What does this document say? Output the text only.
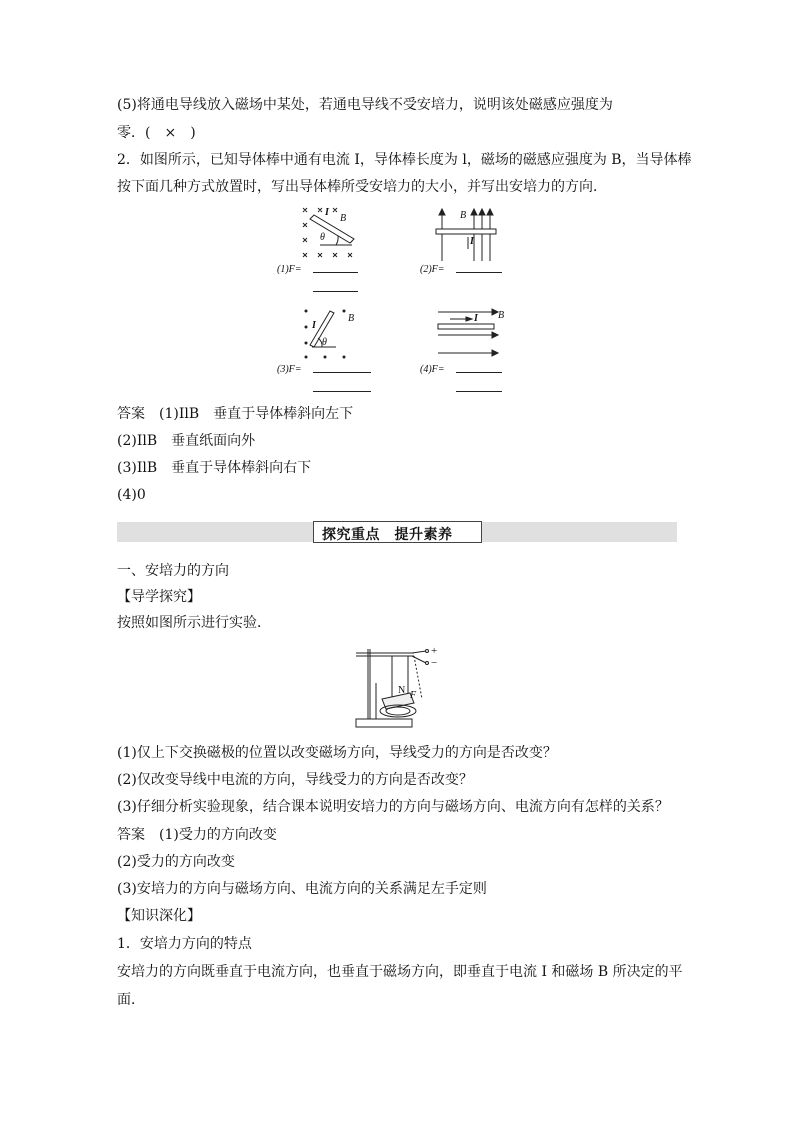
(5)将通电导线放入磁场中某处，若通电导线不受安培力，说明该处磁感应强度为
零．(　×　)
2．如图所示，已知导体棒中通有电流 I，导体棒长度为 l，磁场的磁感应强度为 B，当导体棒
按下面几种方式放置时，写出导体棒所受安培力的大小，并写出安培力的方向．
I
B
θ
(1)F=
B
I
(2)F=
I
B
θ
(3)F=
I B
(4)F=
答案　(1)IlB　垂直于导体棒斜向左下
(2)IlB　垂直纸面向外
(3)IlB　垂直于导体棒斜向右下
(4)0
探究重点　提升素养
一、安培力的方向
【导学探究】
按照如图所示进行实验．
+
−
N F
(1)仅上下交换磁极的位置以改变磁场方向，导线受力的方向是否改变？
(2)仅改变导线中电流的方向，导线受力的方向是否改变？
(3)仔细分析实验现象，结合课本说明安培力的方向与磁场方向、电流方向有怎样的关系？
答案　(1)受力的方向改变
(2)受力的方向改变
(3)安培力的方向与磁场方向、电流方向的关系满足左手定则
【知识深化】
1．安培力方向的特点
安培力的方向既垂直于电流方向，也垂直于磁场方向，即垂直于电流 I 和磁场 B 所决定的平
面．
